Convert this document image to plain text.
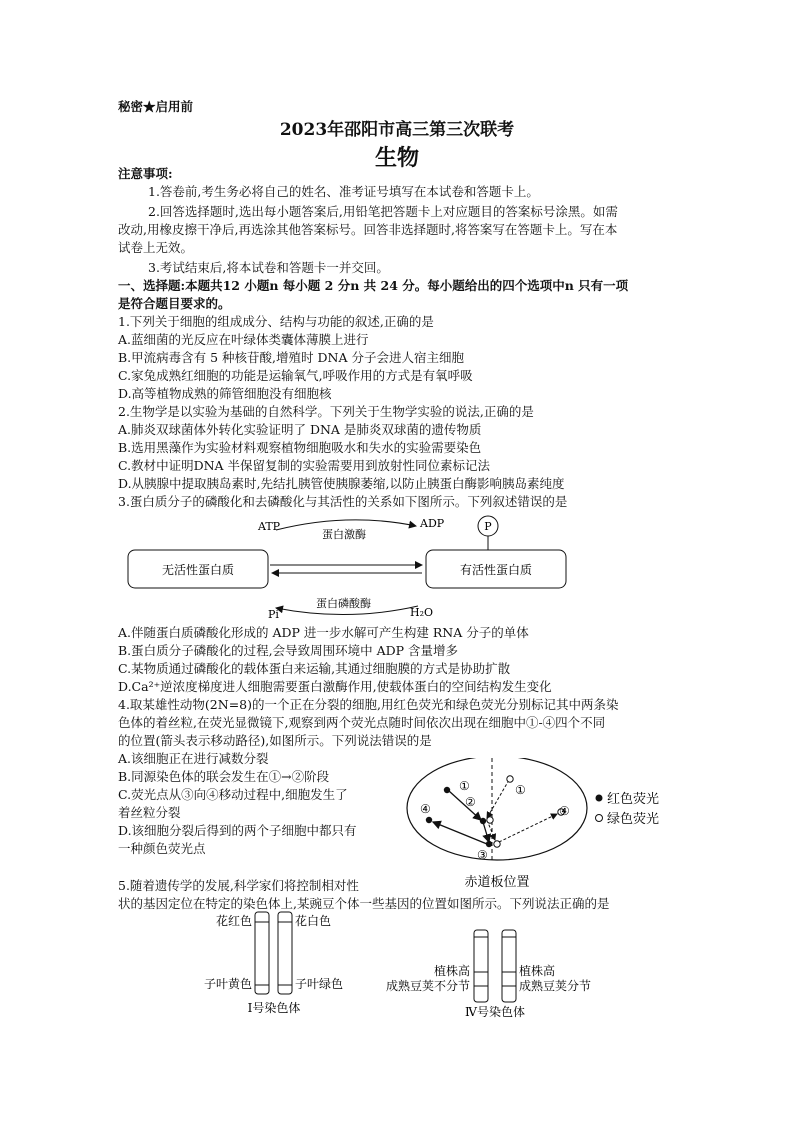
秘密★启用前
2023年邵阳市高三第三次联考
生物
注意事项:
1.答卷前,考生务必将自己的姓名、准考证号填写在本试卷和答题卡上。
2.回答选择题时,选出每小题答案后,用铅笔把答题卡上对应题目的答案标号涂黑。如需
改动,用橡皮擦干净后,再选涂其他答案标号。回答非选择题时,将答案写在答题卡上。写在本
试卷上无效。
3.考试结束后,将本试卷和答题卡一并交回。
一、选择题:本题共12 小题n 每小题 2 分n 共 24 分。每小题给出的四个选项中n 只有一项
是符合题目要求的。
1.下列关于细胞的组成成分、结构与功能的叙述,正确的是
A.蓝细菌的光反应在叶绿体类囊体薄膜上进行
B.甲流病毒含有 5 种核苷酸,增殖时 DNA 分子会进人宿主细胞
C.家兔成熟红细胞的功能是运输氧气,呼吸作用的方式是有氧呼吸
D.高等植物成熟的筛管细胞没有细胞核
2.生物学是以实验为基础的自然科学。下列关于生物学实验的说法,正确的是
A.肺炎双球菌体外转化实验证明了 DNA 是肺炎双球菌的遗传物质
B.选用黑藻作为实验材料观察植物细胞吸水和失水的实验需要染色
C.教材中证明DNA 半保留复制的实验需要用到放射性同位素标记法
D.从胰腺中提取胰岛素时,先结扎胰管使胰腺萎缩,以防止胰蛋白酶影响胰岛素纯度
3.蛋白质分子的磷酸化和去磷酸化与其活性的关系如下图所示。下列叙述错误的是
无活性蛋白质	有活性蛋白质
ATP	ADP
蛋白激酶
P
蛋白磷酸酶
Pi	H₂O
A.伴随蛋白质磷酸化形成的 ADP 进一步水解可产生构建 RNA 分子的单体
B.蛋白质分子磷酸化的过程,会导致周围环境中 ADP 含量增多
C.某物质通过磷酸化的载体蛋白来运输,其通过细胞膜的方式是协助扩散
D.Ca²⁺逆浓度梯度进人细胞需要蛋白激酶作用,使载体蛋白的空间结构发生变化
4.取某雄性动物(2N=8)的一个正在分裂的细胞,用红色荧光和绿色荧光分别标记其中两条染
色体的着丝粒,在荧光显微镜下,观察到两个荧光点随时间依次出现在细胞中①-④四个不同
的位置(箭头表示移动路径),如图所示。下列说法错误的是
A.该细胞正在进行减数分裂
B.同源染色体的联会发生在①→②阶段
C.荧光点从③向④移动过程中,细胞发生了
着丝粒分裂
D.该细胞分裂后得到的两个子细胞中都只有
一种颜色荧光点
①	①
②
③
④	④
红色荧光
绿色荧光
赤道板位置
5.随着遗传学的发展,科学家们将控制相对性
状的基因定位在特定的染色体上,某豌豆个体一些基因的位置如图所示。下列说法正确的是
花红色	花白色
子叶黄色	子叶绿色
Ⅰ号染色体
植株高	植株高
成熟豆荚不分节	成熟豆荚分节
Ⅳ号染色体
